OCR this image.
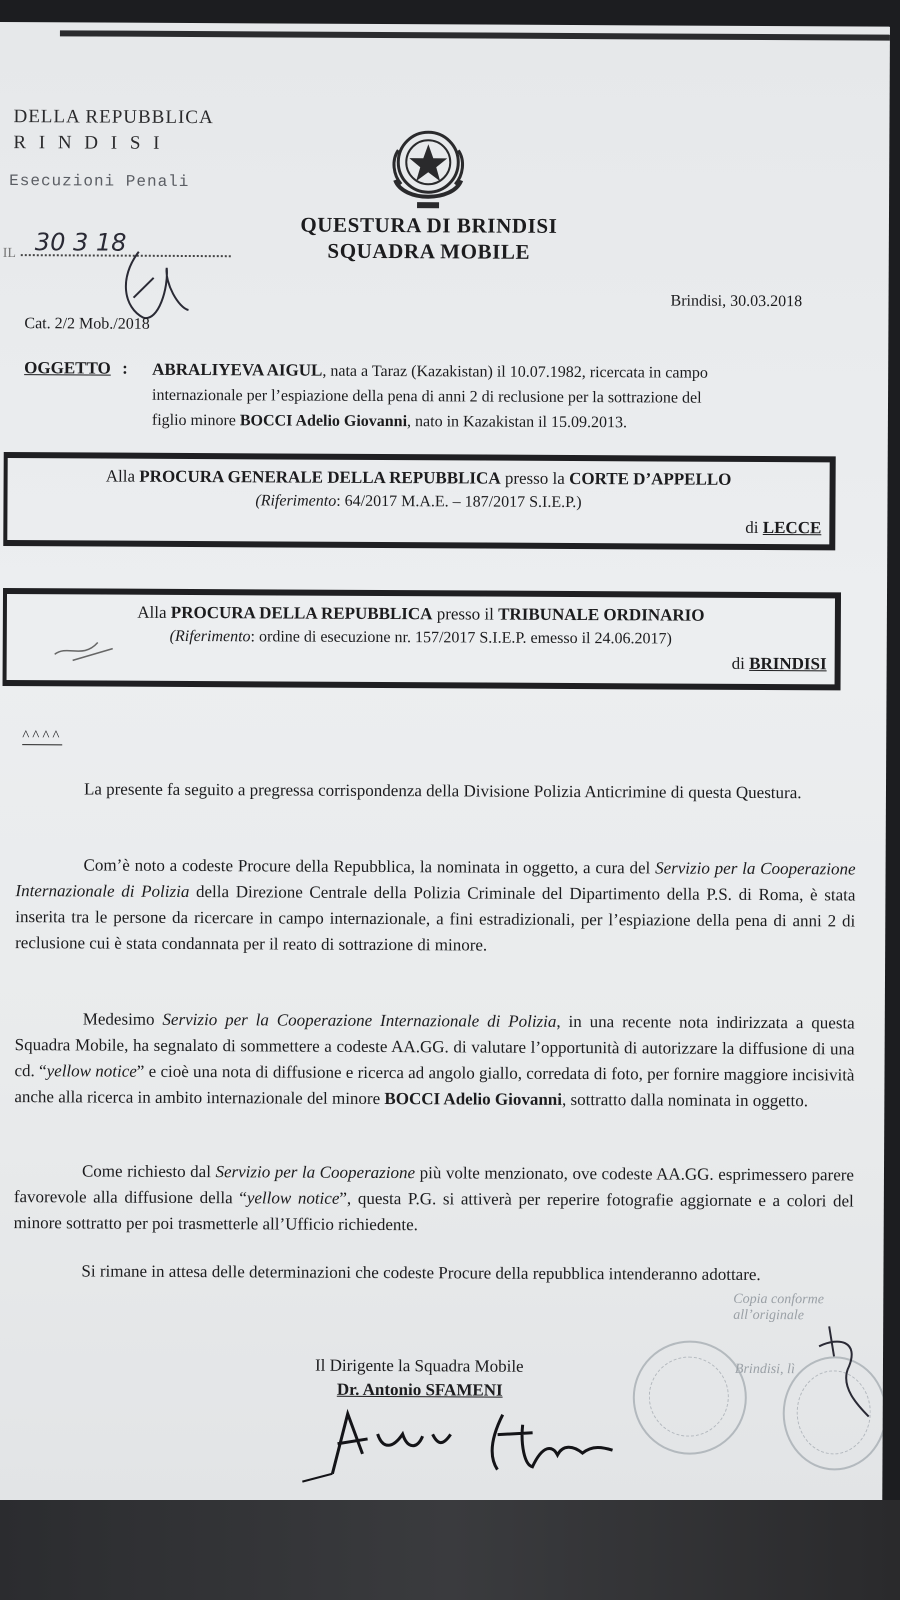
DELLA REPUBBLICA
R I N D I S I
Esecuzioni Penali
IL 30 3 18
Cat. 2/2 Mob./2018
QUESTURA DI BRINDISI
SQUADRA MOBILE
Brindisi, 30.03.2018
OGGETTO : ABRALIYEVA AIGUL, nata a Taraz (Kazakistan) il 10.07.1982, ricercata in campo
internazionale per l’espiazione della pena di anni 2 di reclusione per la sottrazione del
figlio minore BOCCI Adelio Giovanni, nato in Kazakistan il 15.09.2013.
Alla PROCURA GENERALE DELLA REPUBBLICA presso la CORTE D’APPELLO
(Riferimento: 64/2017 M.A.E. – 187/2017 S.I.E.P.)
di LECCE
Alla PROCURA DELLA REPUBBLICA presso il TRIBUNALE ORDINARIO
(Riferimento: ordine di esecuzione nr. 157/2017 S.I.E.P. emesso il 24.06.2017)
di BRINDISI
^^^^
La presente fa seguito a pregressa corrispondenza della Divisione Polizia Anticrimine di questa Questura.
Com’è noto a codeste Procure della Repubblica, la nominata in oggetto, a cura del Servizio per la Cooperazione Internazionale di Polizia della Direzione Centrale della Polizia Criminale del Dipartimento della P.S. di Roma, è stata inserita tra le persone da ricercare in campo internazionale, a fini estradizionali, per l’espiazione della pena di anni 2 di reclusione cui è stata condannata per il reato di sottrazione di minore.
Medesimo Servizio per la Cooperazione Internazionale di Polizia, in una recente nota indirizzata a questa Squadra Mobile, ha segnalato di sommettere a codeste AA.GG. di valutare l’opportunità di autorizzare la diffusione di una cd. “yellow notice” e cioè una nota di diffusione e ricerca ad angolo giallo, corredata di foto, per fornire maggiore incisività anche alla ricerca in ambito internazionale del minore BOCCI Adelio Giovanni, sottratto dalla nominata in oggetto.
Come richiesto dal Servizio per la Cooperazione più volte menzionato, ove codeste AA.GG. esprimessero parere favorevole alla diffusione della “yellow notice”, questa P.G. si attiverà per reperire fotografie aggiornate e a colori del minore sottratto per poi trasmetterle all’Ufficio richiedente.
Si rimane in attesa delle determinazioni che codeste Procure della repubblica intenderanno adottare.
Il Dirigente la Squadra Mobile
Dr. Antonio SFAMENI
Copia conforme all’originale
Brindisi, lì
